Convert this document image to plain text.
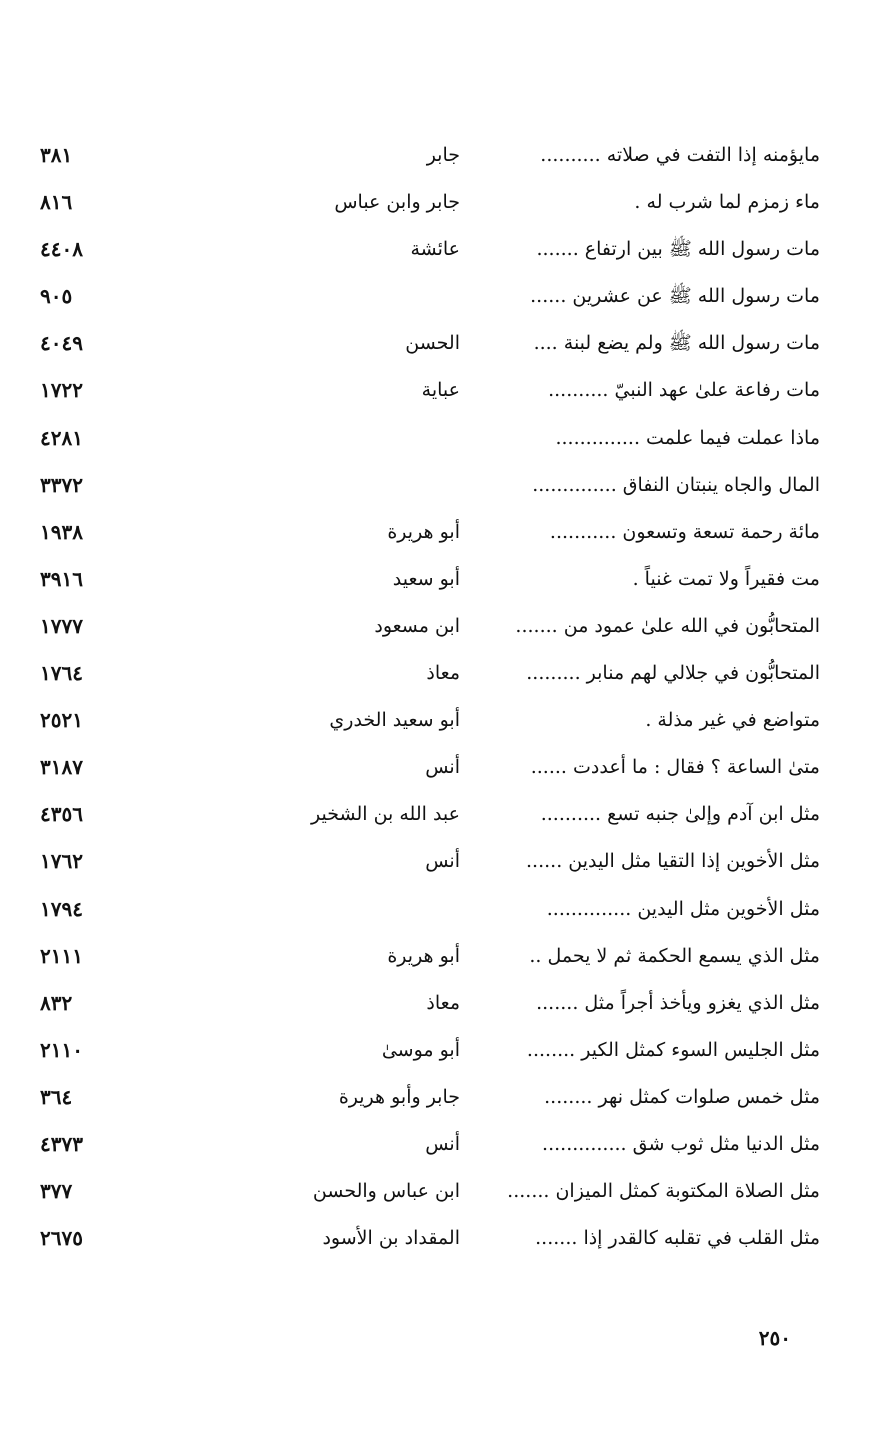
مايؤمنه إذا التفت في صلاته ..........
جابر
٣٨١
ماء زمزم لما شرب له .
جابر وابن عباس
٨١٦
مات رسول الله ﷺ بين ارتفاع .......
عائشة
٤٤٠٨
مات رسول الله ﷺ عن عشرين ......
٩٠٥
مات رسول الله ﷺ ولم يضع لبنة ....
الحسن
٤٠٤٩
مات رفاعة علىٰ عهد النبيّ ..........
عباية
١٧٢٢
ماذا عملت فيما علمت ..............
٤٢٨١
المال والجاه ينبتان النفاق ..............
٣٣٧٢
مائة رحمة تسعة وتسعون ...........
أبو هريرة
١٩٣٨
مت فقيراً ولا تمت غنياً .
أبو سعيد
٣٩١٦
المتحابُّون في الله علىٰ عمود من .......
ابن مسعود
١٧٧٧
المتحابُّون في جلالي لهم منابر .........
معاذ
١٧٦٤
متواضع في غير مذلة .
أبو سعيد الخدري
٢٥٢١
متىٰ الساعة ؟ فقال : ما أعددت ......
أنس
٣١٨٧
مثل ابن آدم وإلىٰ جنبه تسع ..........
عبد الله بن الشخير
٤٣٥٦
مثل الأخوين إذا التقيا مثل اليدين ......
أنس
١٧٦٢
مثل الأخوين مثل اليدين ..............
١٧٩٤
مثل الذي يسمع الحكمة ثم لا يحمل ..
أبو هريرة
٢١١١
مثل الذي يغزو ويأخذ أجراً مثل .......
معاذ
٨٣٢
مثل الجليس السوء كمثل الكير ........
أبو موسىٰ
٢١١٠
مثل خمس صلوات كمثل نهر ........
جابر وأبو هريرة
٣٦٤
مثل الدنيا مثل ثوب شق ..............
أنس
٤٣٧٣
مثل الصلاة المكتوبة كمثل الميزان .......
ابن عباس والحسن
٣٧٧
مثل القلب في تقلبه كالقدر إذا .......
المقداد بن الأسود
٢٦٧٥
٢٥٠
